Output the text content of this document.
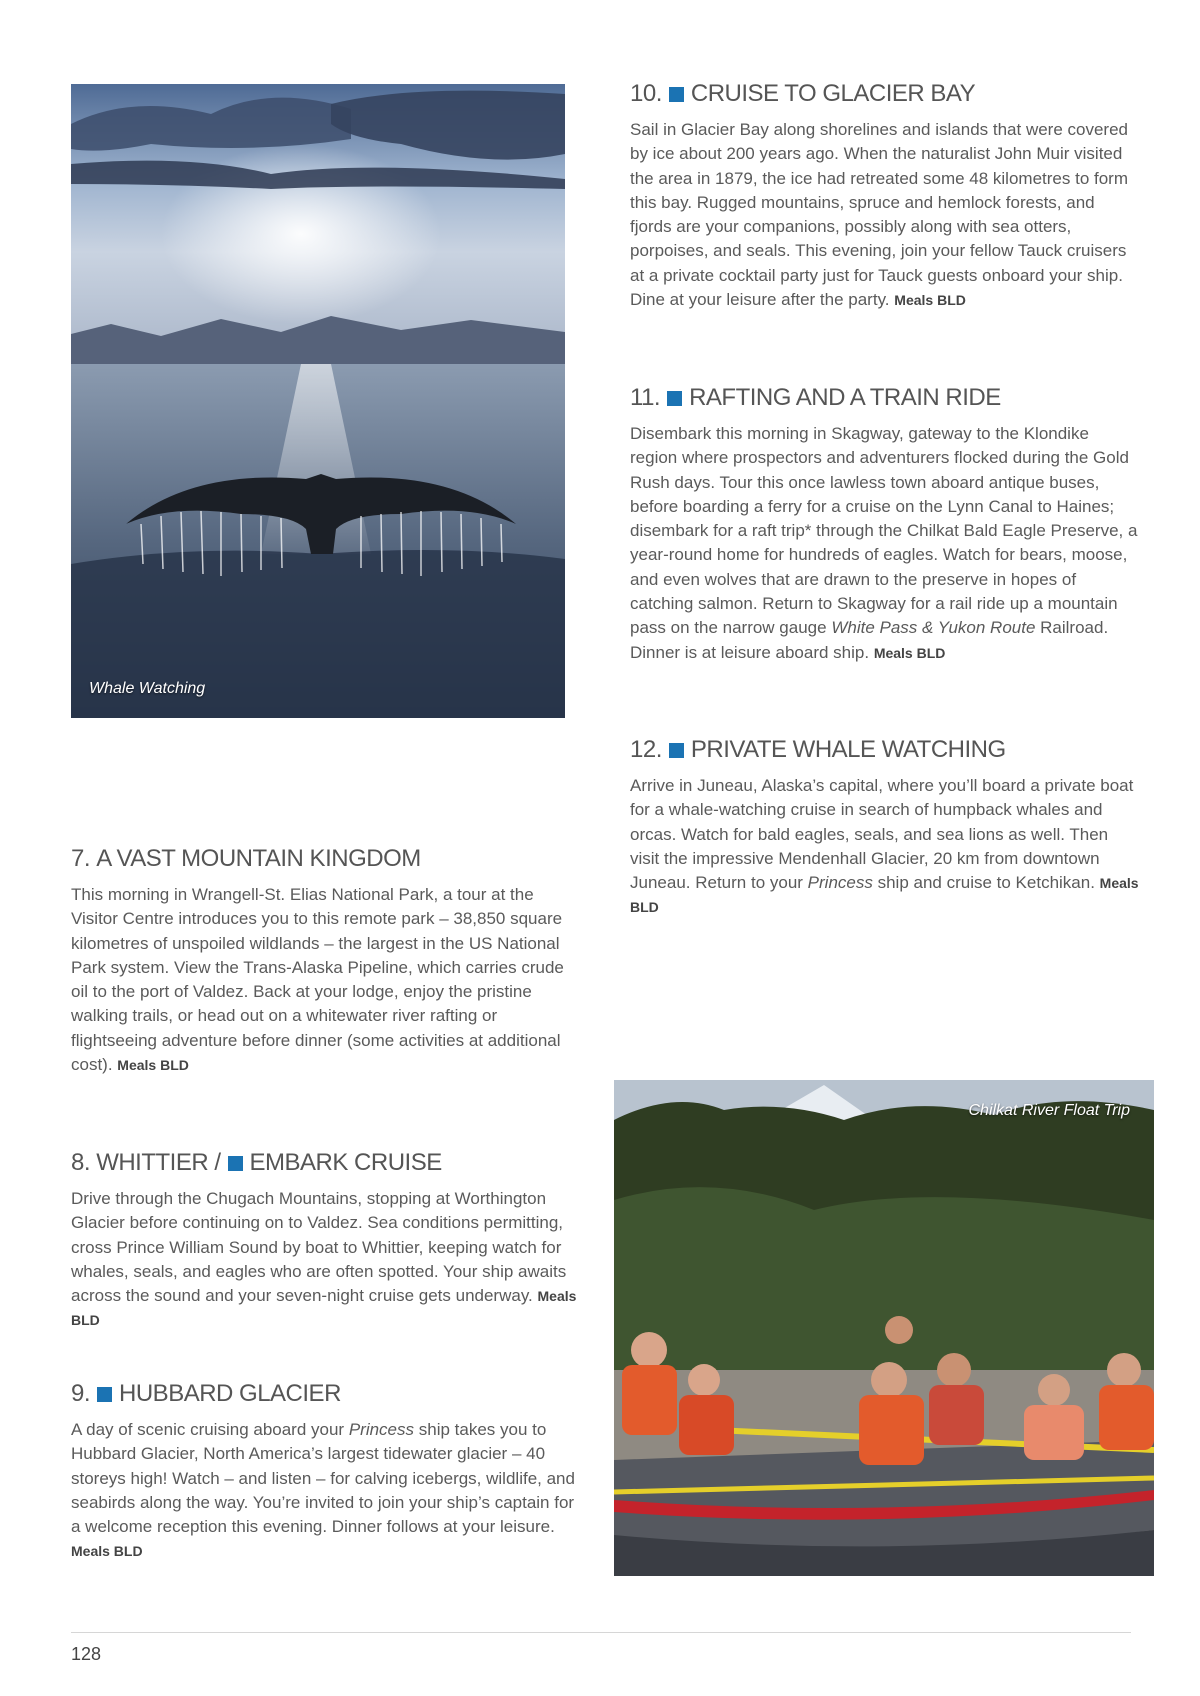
Whale Watching
Chilkat River Float Trip
10. CRUISE TO GLACIER BAY

Sail in Glacier Bay along shorelines and islands that were covered by ice about 200 years ago. When the naturalist John Muir visited the area in 1879, the ice had retreated some 48 kilometres to form this bay. Rugged mountains, spruce and hemlock forests, and fjords are your companions, possibly along with sea otters, porpoises, and seals. This evening, join your fellow Tauck cruisers at a private cocktail party just for Tauck guests onboard your ship. Dine at your leisure after the party. Meals BLD

11. RAFTING AND A TRAIN RIDE

Disembark this morning in Skagway, gateway to the Klondike region where prospectors and adventurers flocked during the Gold Rush days. Tour this once lawless town aboard antique buses, before boarding a ferry for a cruise on the Lynn Canal to Haines; disembark for a raft trip* through the Chilkat Bald Eagle Preserve, a year-round home for hundreds of eagles. Watch for bears, moose, and even wolves that are drawn to the preserve in hopes of catching salmon. Return to Skagway for a rail ride up a mountain pass on the narrow gauge White Pass & Yukon Route Railroad. Dinner is at leisure aboard ship. Meals BLD

12. PRIVATE WHALE WATCHING

Arrive in Juneau, Alaska’s capital, where you’ll board a private boat for a whale-watching cruise in search of humpback whales and orcas. Watch for bald eagles, seals, and sea lions as well. Then visit the impressive Mendenhall Glacier, 20 km from downtown Juneau. Return to your Princess ship and cruise to Ketchikan. Meals BLD

7.
A VAST MOUNTAIN KINGDOM

This morning in Wrangell-St. Elias National Park, a tour at the Visitor Centre introduces you to this remote park – 38,850 square kilometres of unspoiled wildlands – the largest in the US National Park system. View the Trans-Alaska Pipeline, which carries crude oil to the port of Valdez. Back at your lodge, enjoy the pristine walking trails, or head out on a whitewater river rafting or flightseeing adventure before dinner (some activities at additional cost). Meals BLD

8.
WHITTIER / EMBARK CRUISE

Drive through the Chugach Mountains, stopping at Worthington Glacier before continuing on to Valdez. Sea conditions permitting, cross Prince William Sound by boat to Whittier, keeping watch for whales, seals, and eagles who are often spotted. Your ship awaits across the sound and your seven-night cruise gets underway. Meals BLD

9. HUBBARD GLACIER

A day of scenic cruising aboard your Princess ship takes you to Hubbard Glacier, North America’s largest tidewater glacier – 40 storeys high! Watch – and listen – for calving icebergs, wildlife, and seabirds along the way. You’re invited to join your ship’s captain for a welcome reception this evening. Dinner follows at your leisure. Meals BLD

128
